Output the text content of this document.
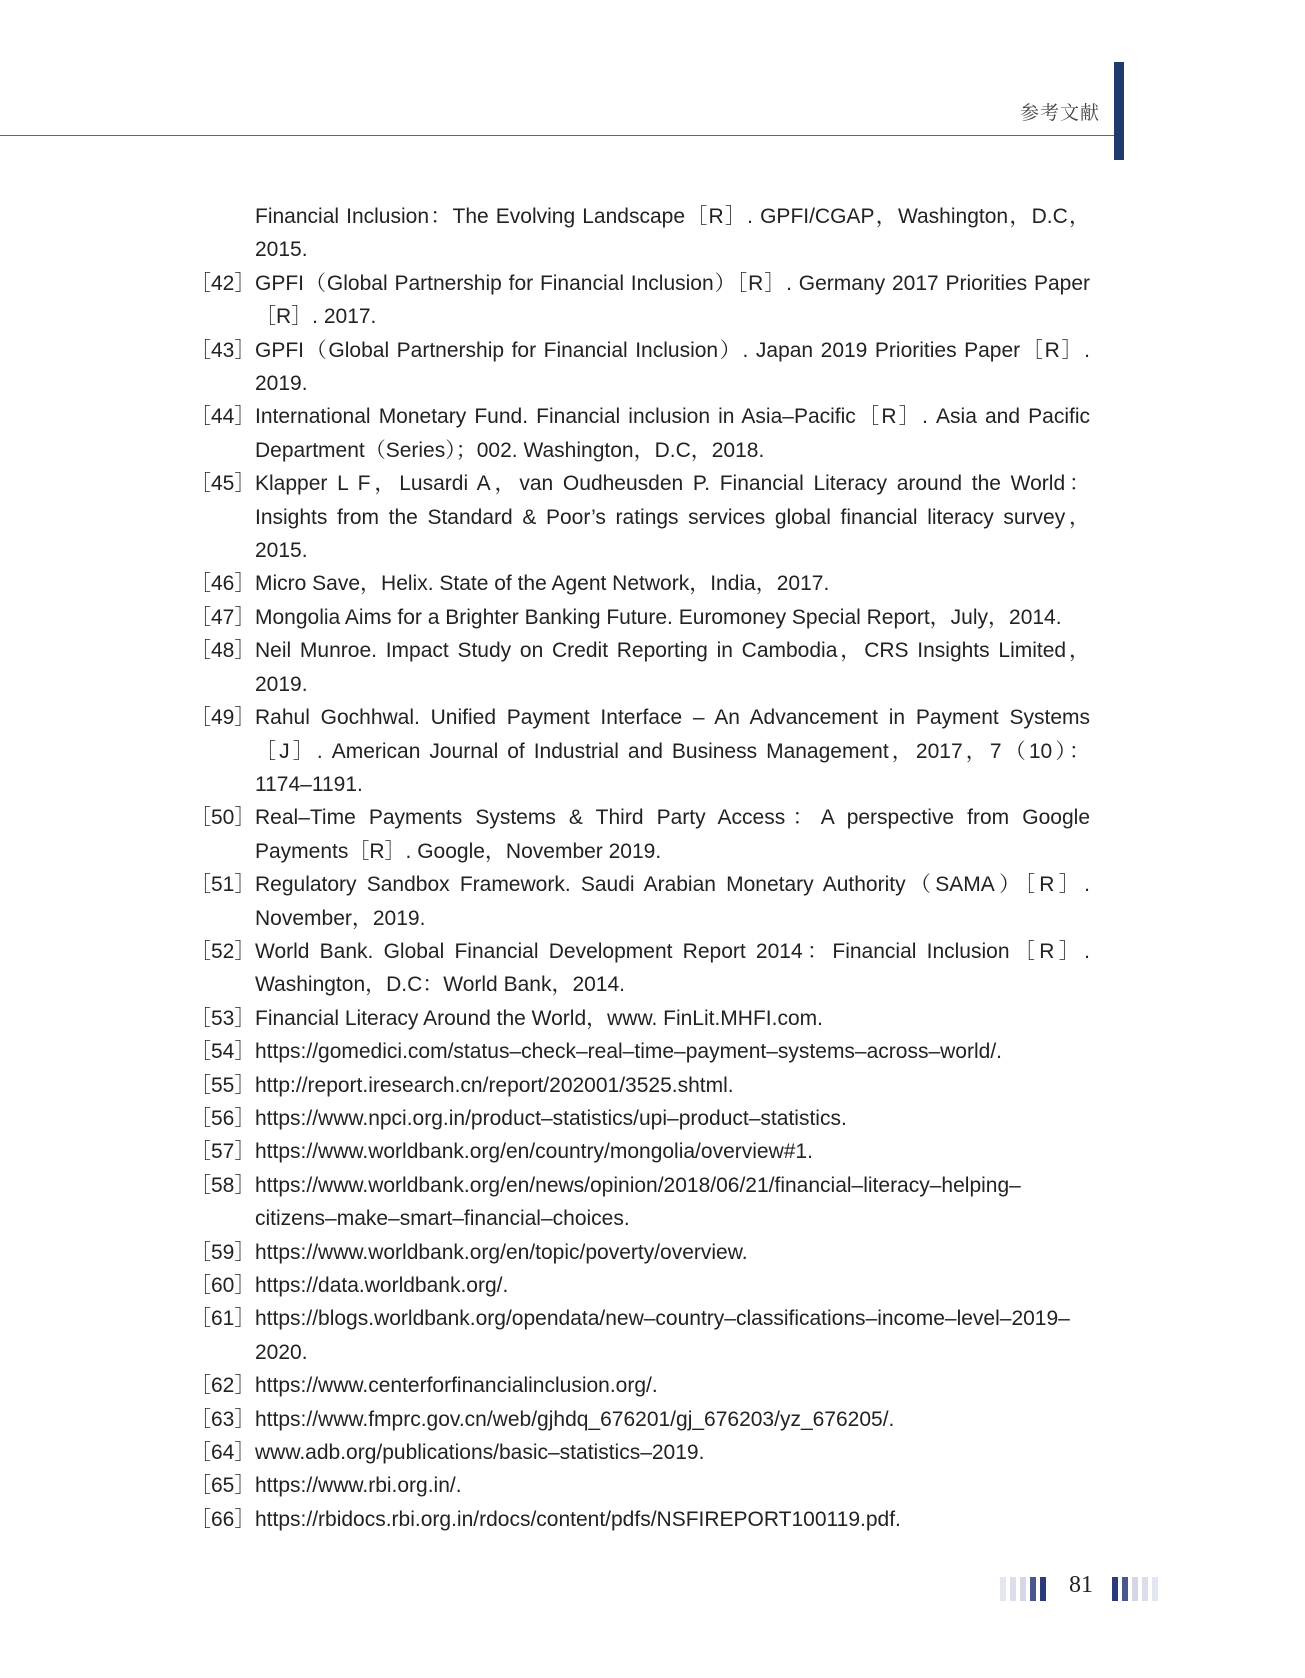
参考文献
Financial Inclusion：The Evolving Landscape［R］. GPFI/CGAP，Washington，D.C，2015.
［42］ GPFI（Global Partnership for Financial Inclusion）［R］. Germany 2017 Priorities Paper［R］. 2017.
［43］ GPFI（Global Partnership for Financial Inclusion）. Japan 2019 Priorities Paper［R］. 2019.
［44］ International Monetary Fund. Financial inclusion in Asia–Pacific［R］. Asia and Pacific Department（Series）；002. Washington，D.C，2018.
［45］ Klapper L F，Lusardi A，van Oudheusden P. Financial Literacy around the World：Insights from the Standard & Poor’s ratings services global financial literacy survey，2015.
［46］ Micro Save，Helix. State of the Agent Network，India，2017.
［47］ Mongolia Aims for a Brighter Banking Future. Euromoney Special Report，July，2014.
［48］ Neil Munroe. Impact Study on Credit Reporting in Cambodia，CRS Insights Limited，2019.
［49］ Rahul Gochhwal. Unified Payment Interface – An Advancement in Payment Systems［J］. American Journal of Industrial and Business Management，2017，7（10）：1174–1191.
［50］ Real–Time Payments Systems & Third Party Access：A perspective from Google Payments［R］. Google，November 2019.
［51］ Regulatory Sandbox Framework. Saudi Arabian Monetary Authority（SAMA）［R］. November，2019.
［52］ World Bank. Global Financial Development Report 2014：Financial Inclusion［R］. Washington，D.C：World Bank，2014.
［53］ Financial Literacy Around the World，www. FinLit.MHFI.com.
［54］ https://gomedici.com/status–check–real–time–payment–systems–across–world/.
［55］ http://report.iresearch.cn/report/202001/3525.shtml.
［56］ https://www.npci.org.in/product–statistics/upi–product–statistics.
［57］ https://www.worldbank.org/en/country/mongolia/overview#1.
［58］ https://www.worldbank.org/en/news/opinion/2018/06/21/financial–literacy–helping–citizens–make–smart–financial–choices.
［59］ https://www.worldbank.org/en/topic/poverty/overview.
［60］ https://data.worldbank.org/.
［61］ https://blogs.worldbank.org/opendata/new–country–classifications–income–level–2019–2020.
［62］ https://www.centerforfinancialinclusion.org/.
［63］ https://www.fmprc.gov.cn/web/gjhdq_676201/gj_676203/yz_676205/.
［64］ www.adb.org/publications/basic–statistics–2019.
［65］ https://www.rbi.org.in/.
［66］ https://rbidocs.rbi.org.in/rdocs/content/pdfs/NSFIREPORT100119.pdf.
81
